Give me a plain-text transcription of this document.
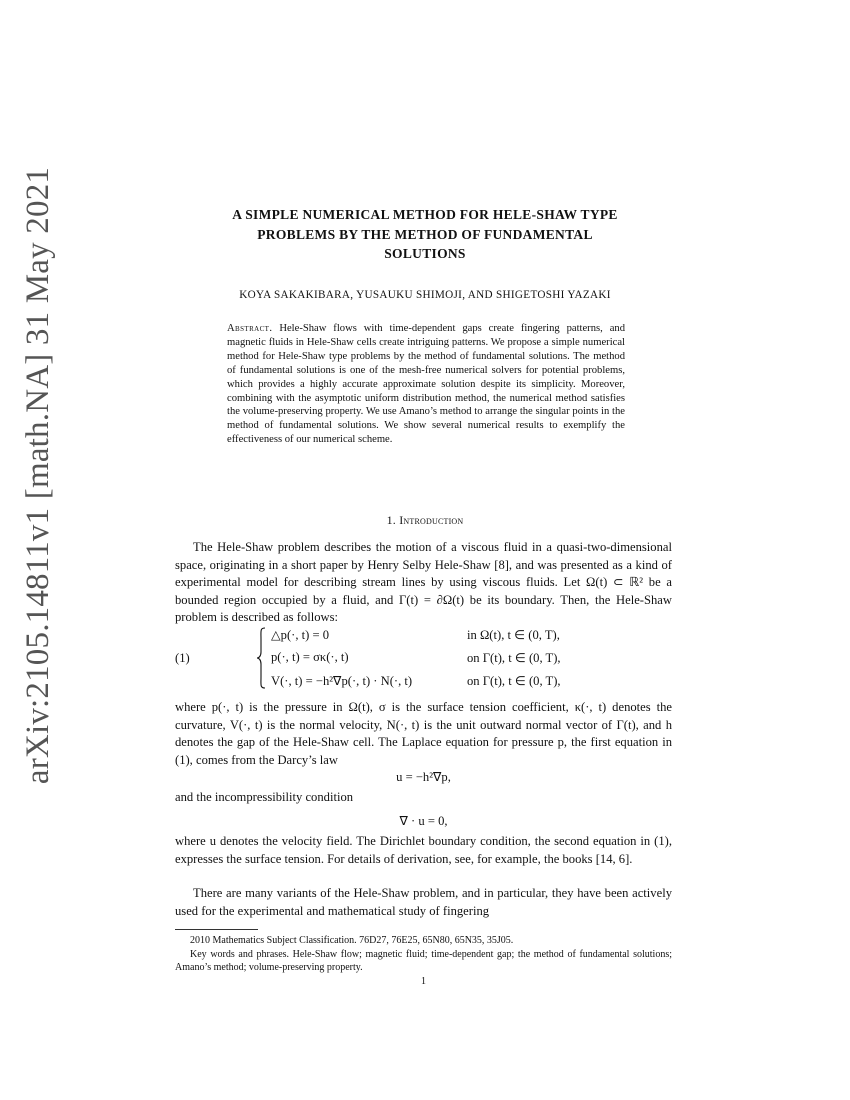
arXiv:2105.14811v1 [math.NA] 31 May 2021	A SIMPLE NUMERICAL METHOD FOR HELE-SHAW TYPE
PROBLEMS BY THE METHOD OF FUNDAMENTAL
SOLUTIONS
KOYA SAKAKIBARA, YUSAUKU SHIMOJI, AND SHIGETOSHI YAZAKI
Abstract. Hele-Shaw flows with time-dependent gaps create fingering patterns, and magnetic fluids in Hele-Shaw cells create intriguing patterns. We propose a simple numerical method for Hele-Shaw type problems by the method of fundamental solutions. The method of fundamental solutions is one of the mesh-free numerical solvers for potential problems, which provides a highly accurate approximate solution despite its simplicity. Moreover, combining with the asymptotic uniform distribution method, the numerical method satisfies the volume-preserving property. We use Amano’s method to arrange the singular points in the method of fundamental solutions. We show several numerical results to exemplify the effectiveness of our numerical scheme.
1. Introduction
The Hele-Shaw problem describes the motion of a viscous fluid in a quasi-two-dimensional space, originating in a short paper by Henry Selby Hele-Shaw [8], and was presented as a kind of experimental model for describing stream lines by using viscous fluids. Let Ω(t) ⊂ ℝ² be a bounded region occupied by a fluid, and Γ(t) = ∂Ω(t) be its boundary. Then, the Hele-Shaw problem is described as follows:
(1)
△p(·, t) = 0	in Ω(t), t ∈ (0, T),
p(·, t) = σκ(·, t)	on Γ(t), t ∈ (0, T),
V(·, t) = −h²∇p(·, t) · N(·, t)	on Γ(t), t ∈ (0, T),
where p(·, t) is the pressure in Ω(t), σ is the surface tension coefficient, κ(·, t) denotes the curvature, V(·, t) is the normal velocity, N(·, t) is the unit outward normal vector of Γ(t), and h denotes the gap of the Hele-Shaw cell. The Laplace equation for pressure p, the first equation in (1), comes from the Darcy’s law
u = −h²∇p,
and the incompressibility condition
∇ · u = 0,
where u denotes the velocity field. The Dirichlet boundary condition, the second equation in (1), expresses the surface tension. For details of derivation, see, for example, the books [14, 6].
There are many variants of the Hele-Shaw problem, and in particular, they have been actively used for the experimental and mathematical study of fingering
2010 Mathematics Subject Classification. 76D27, 76E25, 65N80, 65N35, 35J05.
Key words and phrases. Hele-Shaw flow; magnetic fluid; time-dependent gap; the method of fundamental solutions; Amano’s method; volume-preserving property.
1
